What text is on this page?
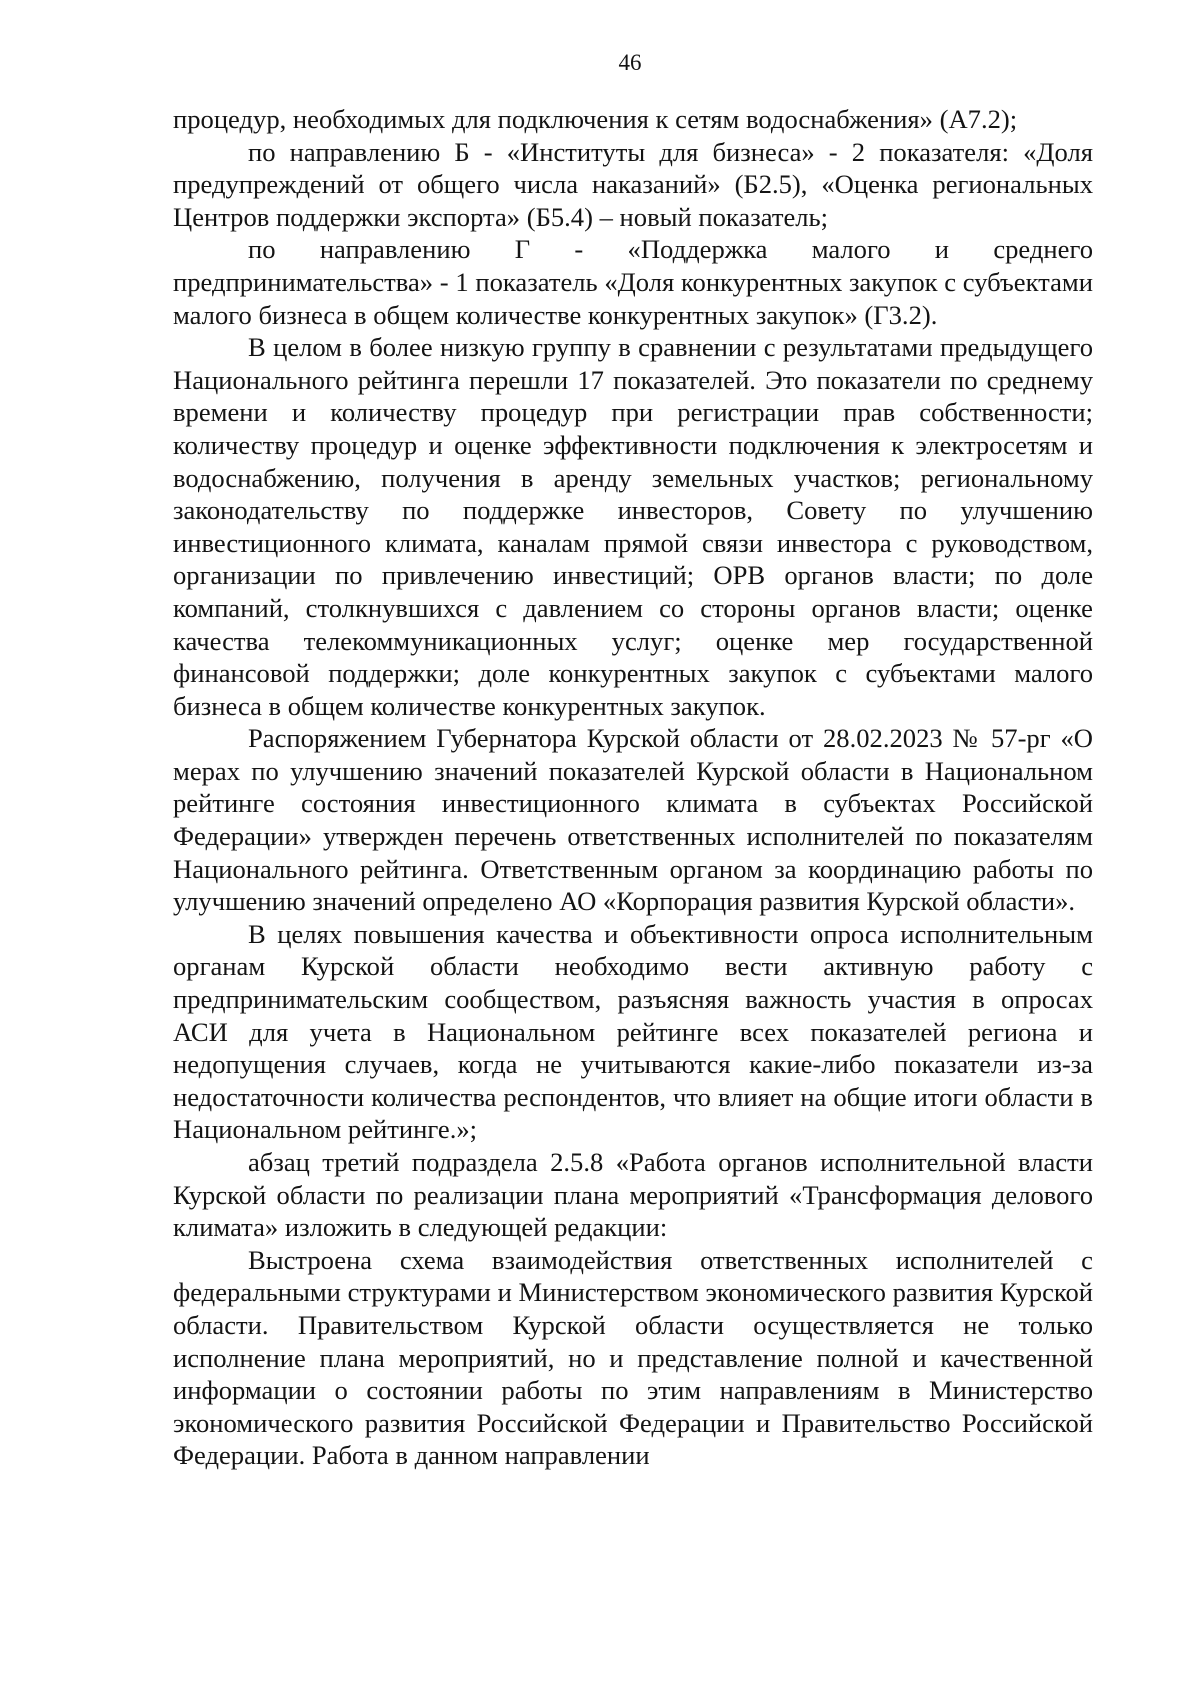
46

процедур, необходимых для подключения к сетям водоснабжения» (А7.2);

по направлению Б - «Институты для бизнеса» - 2 показателя: «Доля предупреждений от общего числа наказаний» (Б2.5), «Оценка региональных Центров поддержки экспорта» (Б5.4) – новый показатель;

по направлению Г - «Поддержка малого и среднего предпринимательства» - 1 показатель «Доля конкурентных закупок с субъектами малого бизнеса в общем количестве конкурентных закупок» (Г3.2).

В целом в более низкую группу в сравнении с результатами предыдущего Национального рейтинга перешли 17 показателей. Это показатели по среднему времени и количеству процедур при регистрации прав собственности; количеству процедур и оценке эффективности подключения к электросетям и водоснабжению, получения в аренду земельных участков; региональному законодательству по поддержке инвесторов, Совету по улучшению инвестиционного климата, каналам прямой связи инвестора с руководством, организации по привлечению инвестиций; ОРВ органов власти; по доле компаний, столкнувшихся с давлением со стороны органов власти; оценке качества телекоммуникационных услуг; оценке мер государственной финансовой поддержки; доле конкурентных закупок с субъектами малого бизнеса в общем количестве конкурентных закупок.

Распоряжением Губернатора Курской области от 28.02.2023 № 57-рг «О мерах по улучшению значений показателей Курской области в Национальном рейтинге состояния инвестиционного климата в субъектах Российской Федерации» утвержден перечень ответственных исполнителей по показателям Национального рейтинга. Ответственным органом за координацию работы по улучшению значений определено АО «Корпорация развития Курской области».

В целях повышения качества и объективности опроса исполнительным органам Курской области необходимо вести активную работу с предпринимательским сообществом, разъясняя важность участия в опросах АСИ для учета в Национальном рейтинге всех показателей региона и недопущения случаев, когда не учитываются какие-либо показатели из-за недостаточности количества респондентов, что влияет на общие итоги области в Национальном рейтинге.»;

абзац третий подраздела 2.5.8 «Работа органов исполнительной власти Курской области по реализации плана мероприятий «Трансформация делового климата» изложить в следующей редакции:

Выстроена схема взаимодействия ответственных исполнителей с федеральными структурами и Министерством экономического развития Курской области. Правительством Курской области осуществляется не только исполнение плана мероприятий, но и представление полной и качественной информации о состоянии работы по этим направлениям в Министерство экономического развития Российской Федерации и Правительство Российской Федерации. Работа в данном направлении
